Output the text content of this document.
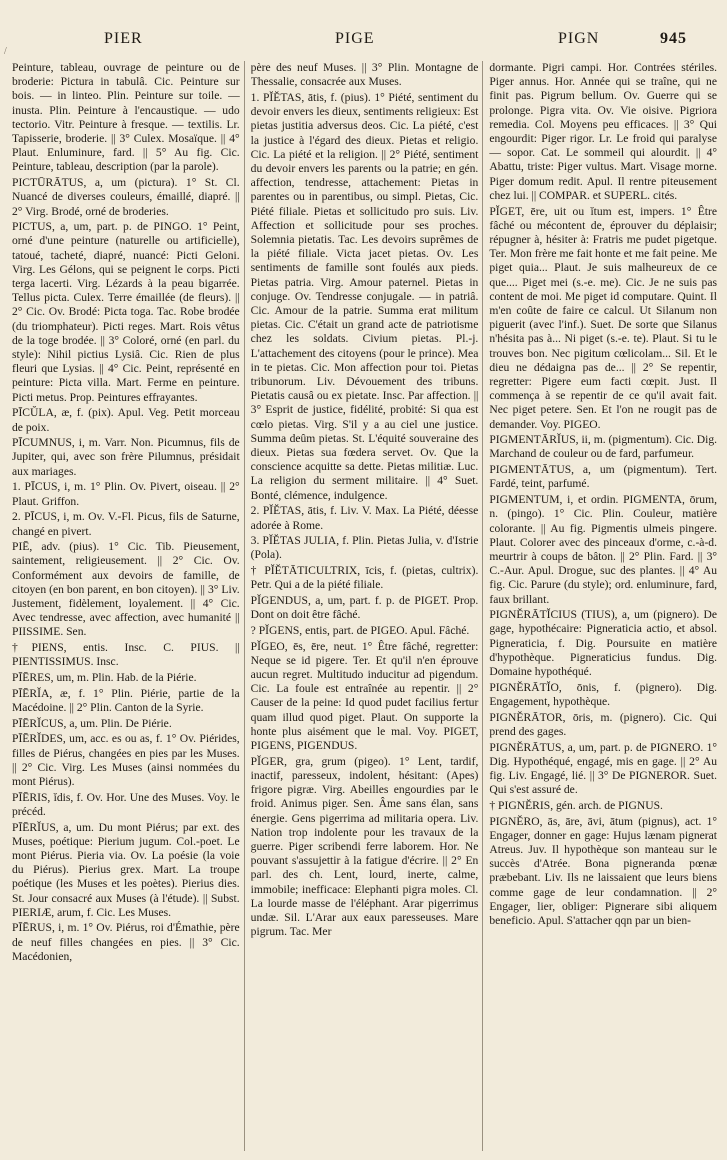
/
PIER	PIGE	PIGN	945

Peinture, tableau, ouvrage de peinture ou de broderie: Pictura in tabulâ. Cic. Peinture sur bois. — in linteo. Plin. Peinture sur toile. — inusta. Plin. Peinture à l'encaustique. — udo tectorio. Vitr. Peinture à fresque. — textilis. Lr. Tapisserie, broderie. || 3° Culex. Mosaïque. || 4° Plaut. Enluminure, fard. || 5° Au fig. Cic. Peinture, tableau, description (par la parole).

PICTŪRĀTUS, a, um (pictura). 1° St. Cl. Nuancé de diverses couleurs, émaillé, diapré. || 2° Virg. Brodé, orné de broderies.

PICTUS, a, um, part. p. de PINGO. 1° Peint, orné d'une peinture (naturelle ou artificielle), tatoué, tacheté, diapré, nuancé: Picti Geloni. Virg. Les Gélons, qui se peignent le corps. Picti terga lacerti. Virg. Lézards à la peau bigarrée. Tellus picta. Culex. Terre émaillée (de fleurs). || 2° Cic. Ov. Brodé: Picta toga. Tac. Robe brodée (du triomphateur). Picti reges. Mart. Rois vêtus de la toge brodée. || 3° Coloré, orné (en parl. du style): Nihil pictius Lysiâ. Cic. Rien de plus fleuri que Lysias. || 4° Cic. Peint, représenté en peinture: Picta villa. Mart. Ferme en peinture. Picti metus. Prop. Peintures effrayantes.

PĪCŬLA, æ, f. (pix). Apul. Veg. Petit morceau de poix.

PĪCUMNUS, i, m. Varr. Non. Picumnus, fils de Jupiter, qui, avec son frère Pilumnus, présidait aux mariages.

1. PĪCUS, i, m. 1° Plin. Ov. Pivert, oiseau. || 2° Plaut. Griffon.

2. PĪCUS, i, m. Ov. V.-Fl. Picus, fils de Saturne, changé en pivert.

PIĒ, adv. (pius). 1° Cic. Tib. Pieusement, saintement, religieusement. || 2° Cic. Ov. Conformément aux devoirs de famille, de citoyen (en bon parent, en bon citoyen). || 3° Liv. Justement, fidèlement, loyalement. || 4° Cic. Avec tendresse, avec affection, avec humanité || PIISSIME. Sen.

†PIENS, entis. Insc. C. PIUS. || PIENTISSIMUS. Insc.

PĪĒRES, um, m. Plin. Hab. de la Piérie.

PĪĒRĬA, æ, f. 1° Plin. Piérie, partie de la Macédoine. || 2° Plin. Canton de la Syrie.

PĪĒRĬCUS, a, um. Plin. De Piérie.

PĪĒRĬDES, um, acc. es ou as, f. 1° Ov. Piérides, filles de Piérus, changées en pies par les Muses. || 2° Cic. Virg. Les Muses (ainsi nommées du mont Piérus).

PĪĒRIS, ĭdis, f. Ov. Hor. Une des Muses. Voy. le précéd.

PĪĒRĬUS, a, um. Du mont Piérus; par ext. des Muses, poétique: Pierium jugum. Col.-poet. Le mont Piérus. Pieria via. Ov. La poésie (la voie du Piérus). Pierius grex. Mart. La troupe poétique (les Muses et les poètes). Pierius dies. St. Jour consacré aux Muses (à l'étude). || Subst. PIERIÆ, arum, f. Cic. Les Muses.

PĪĒRUS, i, m. 1° Ov. Piérus, roi d'Émathie, père de neuf filles changées en pies. || 3° Cic. Macédonien,

père des neuf Muses. || 3° Plin. Montagne de Thessalie, consacrée aux Muses.

1. PĬĔTAS, ātis, f. (pius). 1° Piété, sentiment du devoir envers les dieux, sentiments religieux: Est pietas justitia adversus deos. Cic. La piété, c'est la justice à l'égard des dieux. Pietas et religio. Cic. La piété et la religion. || 2° Piété, sentiment du devoir envers les parents ou la patrie; en gén. affection, tendresse, attachement: Pietas in parentes ou in parentibus, ou simpl. Pietas, Cic. Piété filiale. Pietas et sollicitudo pro suis. Liv. Affection et sollicitude pour ses proches. Solemnia pietatis. Tac. Les devoirs suprêmes de la piété filiale. Victa jacet pietas. Ov. Les sentiments de famille sont foulés aux pieds. Pietas patria. Virg. Amour paternel. Pietas in conjuge. Ov. Tendresse conjugale. — in patriâ. Cic. Amour de la patrie. Summa erat militum pietas. Cic. C'était un grand acte de patriotisme chez les soldats. Civium pietas. Pl.-j. L'attachement des citoyens (pour le prince). Mea in te pietas. Cic. Mon affection pour toi. Pietas tribunorum. Liv. Dévouement des tribuns. Pietatis causâ ou ex pietate. Insc. Par affection. || 3° Esprit de justice, fidélité, probité: Si qua est cœlo pietas. Virg. S'il y a au ciel une justice. Summa deûm pietas. St. L'équité souveraine des dieux. Pietas sua fœdera servet. Ov. Que la conscience acquitte sa dette. Pietas militiæ. Luc. La religion du serment militaire. || 4° Suet. Bonté, clémence, indulgence.

2. PĬĔTAS, ātis, f. Liv. V. Max. La Piété, déesse adorée à Rome.

3. PĬĔTAS JULIA, f. Plin. Pietas Julia, v. d'Istrie (Pola).

† PĬĔTĀTICULTRIX, īcis, f. (pietas, cultrix). Petr. Qui a de la piété filiale.

PĬGENDUS, a, um, part. f. p. de PIGET. Prop. Dont on doit être fâché.

? PĬGENS, entis, part. de PIGEO. Apul. Fâché.

PĬGEO, ēs, ēre, neut. 1° Être fâché, regretter: Neque se id pigere. Ter. Et qu'il n'en éprouve aucun regret. Multitudo inducitur ad pigendum. Cic. La foule est entraînée au repentir. || 2° Causer de la peine: Id quod pudet facilius fertur quam illud quod piget. Plaut. On supporte la honte plus aisément que le mal. Voy. PIGET, PIGENS, PIGENDUS.

PĬGER, gra, grum (pigeo). 1° Lent, tardif, inactif, paresseux, indolent, hésitant: (Apes) frigore pigræ. Virg. Abeilles engourdies par le froid. Animus piger. Sen. Âme sans élan, sans énergie. Gens pigerrima ad militaria opera. Liv. Nation trop indolente pour les travaux de la guerre. Piger scribendi ferre laborem. Hor. Ne pouvant s'assujettir à la fatigue d'écrire. || 2° En parl. des ch. Lent, lourd, inerte, calme, immobile; inefficace: Elephanti pigra moles. Cl. La lourde masse de l'éléphant. Arar pigerrimus undæ. Sil. L'Arar aux eaux paresseuses. Mare pigrum. Tac. Mer

dormante. Pigri campi. Hor. Contrées stériles. Piger annus. Hor. Année qui se traîne, qui ne finit pas. Pigrum bellum. Ov. Guerre qui se prolonge. Pigra vita. Ov. Vie oisive. Pigriora remedia. Col. Moyens peu efficaces. || 3° Qui engourdit: Piger rigor. Lr. Le froid qui paralyse — sopor. Cat. Le sommeil qui alourdit. || 4° Abattu, triste: Piger vultus. Mart. Visage morne. Piger domum redit. Apul. Il rentre piteusement chez lui. || COMPAR. et SUPERL. cités.

PĬGET, ēre, uit ou ĭtum est, impers. 1° Être fâché ou mécontent de, éprouver du déplaisir; répugner à, hésiter à: Fratris me pudet pigetque. Ter. Mon frère me fait honte et me fait peine. Me piget quia... Plaut. Je suis malheureux de ce que.... Piget mei (s.-e. me). Cic. Je ne suis pas content de moi. Me piget id computare. Quint. Il m'en coûte de faire ce calcul. Ut Silanum non piguerit (avec l'inf.). Suet. De sorte que Silanus n'hésita pas à... Ni piget (s.-e. te). Plaut. Si tu le trouves bon. Nec pigitum cœlicolam... Sil. Et le dieu ne dédaigna pas de... || 2° Se repentir, regretter: Pigere eum facti cœpit. Just. Il commença à se repentir de ce qu'il avait fait. Nec piget petere. Sen. Et l'on ne rougit pas de demander. Voy. PIGEO.

PIGMENTĀRĬUS, ii, m. (pigmentum). Cic. Dig. Marchand de couleur ou de fard, parfumeur.

PIGMENTĀTUS, a, um (pigmentum). Tert. Fardé, teint, parfumé.

PIGMENTUM, i, et ordin. PIGMENTA, ōrum, n. (pingo). 1° Cic. Plin. Couleur, matière colorante. || Au fig. Pigmentis ulmeis pingere. Plaut. Colorer avec des pinceaux d'orme, c.-à-d. meurtrir à coups de bâton. || 2° Plin. Fard. || 3° C.-Aur. Apul. Drogue, suc des plantes. || 4° Au fig. Cic. Parure (du style); ord. enluminure, fard, faux brillant.

PIGNĔRĀTĬCIUS (TIUS), a, um (pignero). De gage, hypothécaire: Pigneraticia actio, et absol. Pigneraticia, f. Dig. Poursuite en matière d'hypothèque. Pigneraticius fundus. Dig. Domaine hypothéqué.

PIGNĔRĀTĬO, ōnis, f. (pignero). Dig. Engagement, hypothèque.

PIGNĔRĀTOR, ōris, m. (pignero). Cic. Qui prend des gages.

PIGNĔRĀTUS, a, um, part. p. de PIGNERO. 1° Dig. Hypothéqué, engagé, mis en gage. || 2° Au fig. Liv. Engagé, lié. || 3° De PIGNEROR. Suet. Qui s'est assuré de.

† PIGNĔRIS, gén. arch. de PIGNUS.

PIGNĔRO, ās, āre, āvi, ātum (pignus), act. 1° Engager, donner en gage: Hujus lænam pignerat Atreus. Juv. Il hypothèque son manteau sur le succès d'Atrée. Bona pigneranda pœnæ præbebant. Liv. Ils ne laissaient que leurs biens comme gage de leur condamnation. || 2° Engager, lier, obliger: Pignerare sibi aliquem beneficio. Apul. S'attacher qqn par un bien-
